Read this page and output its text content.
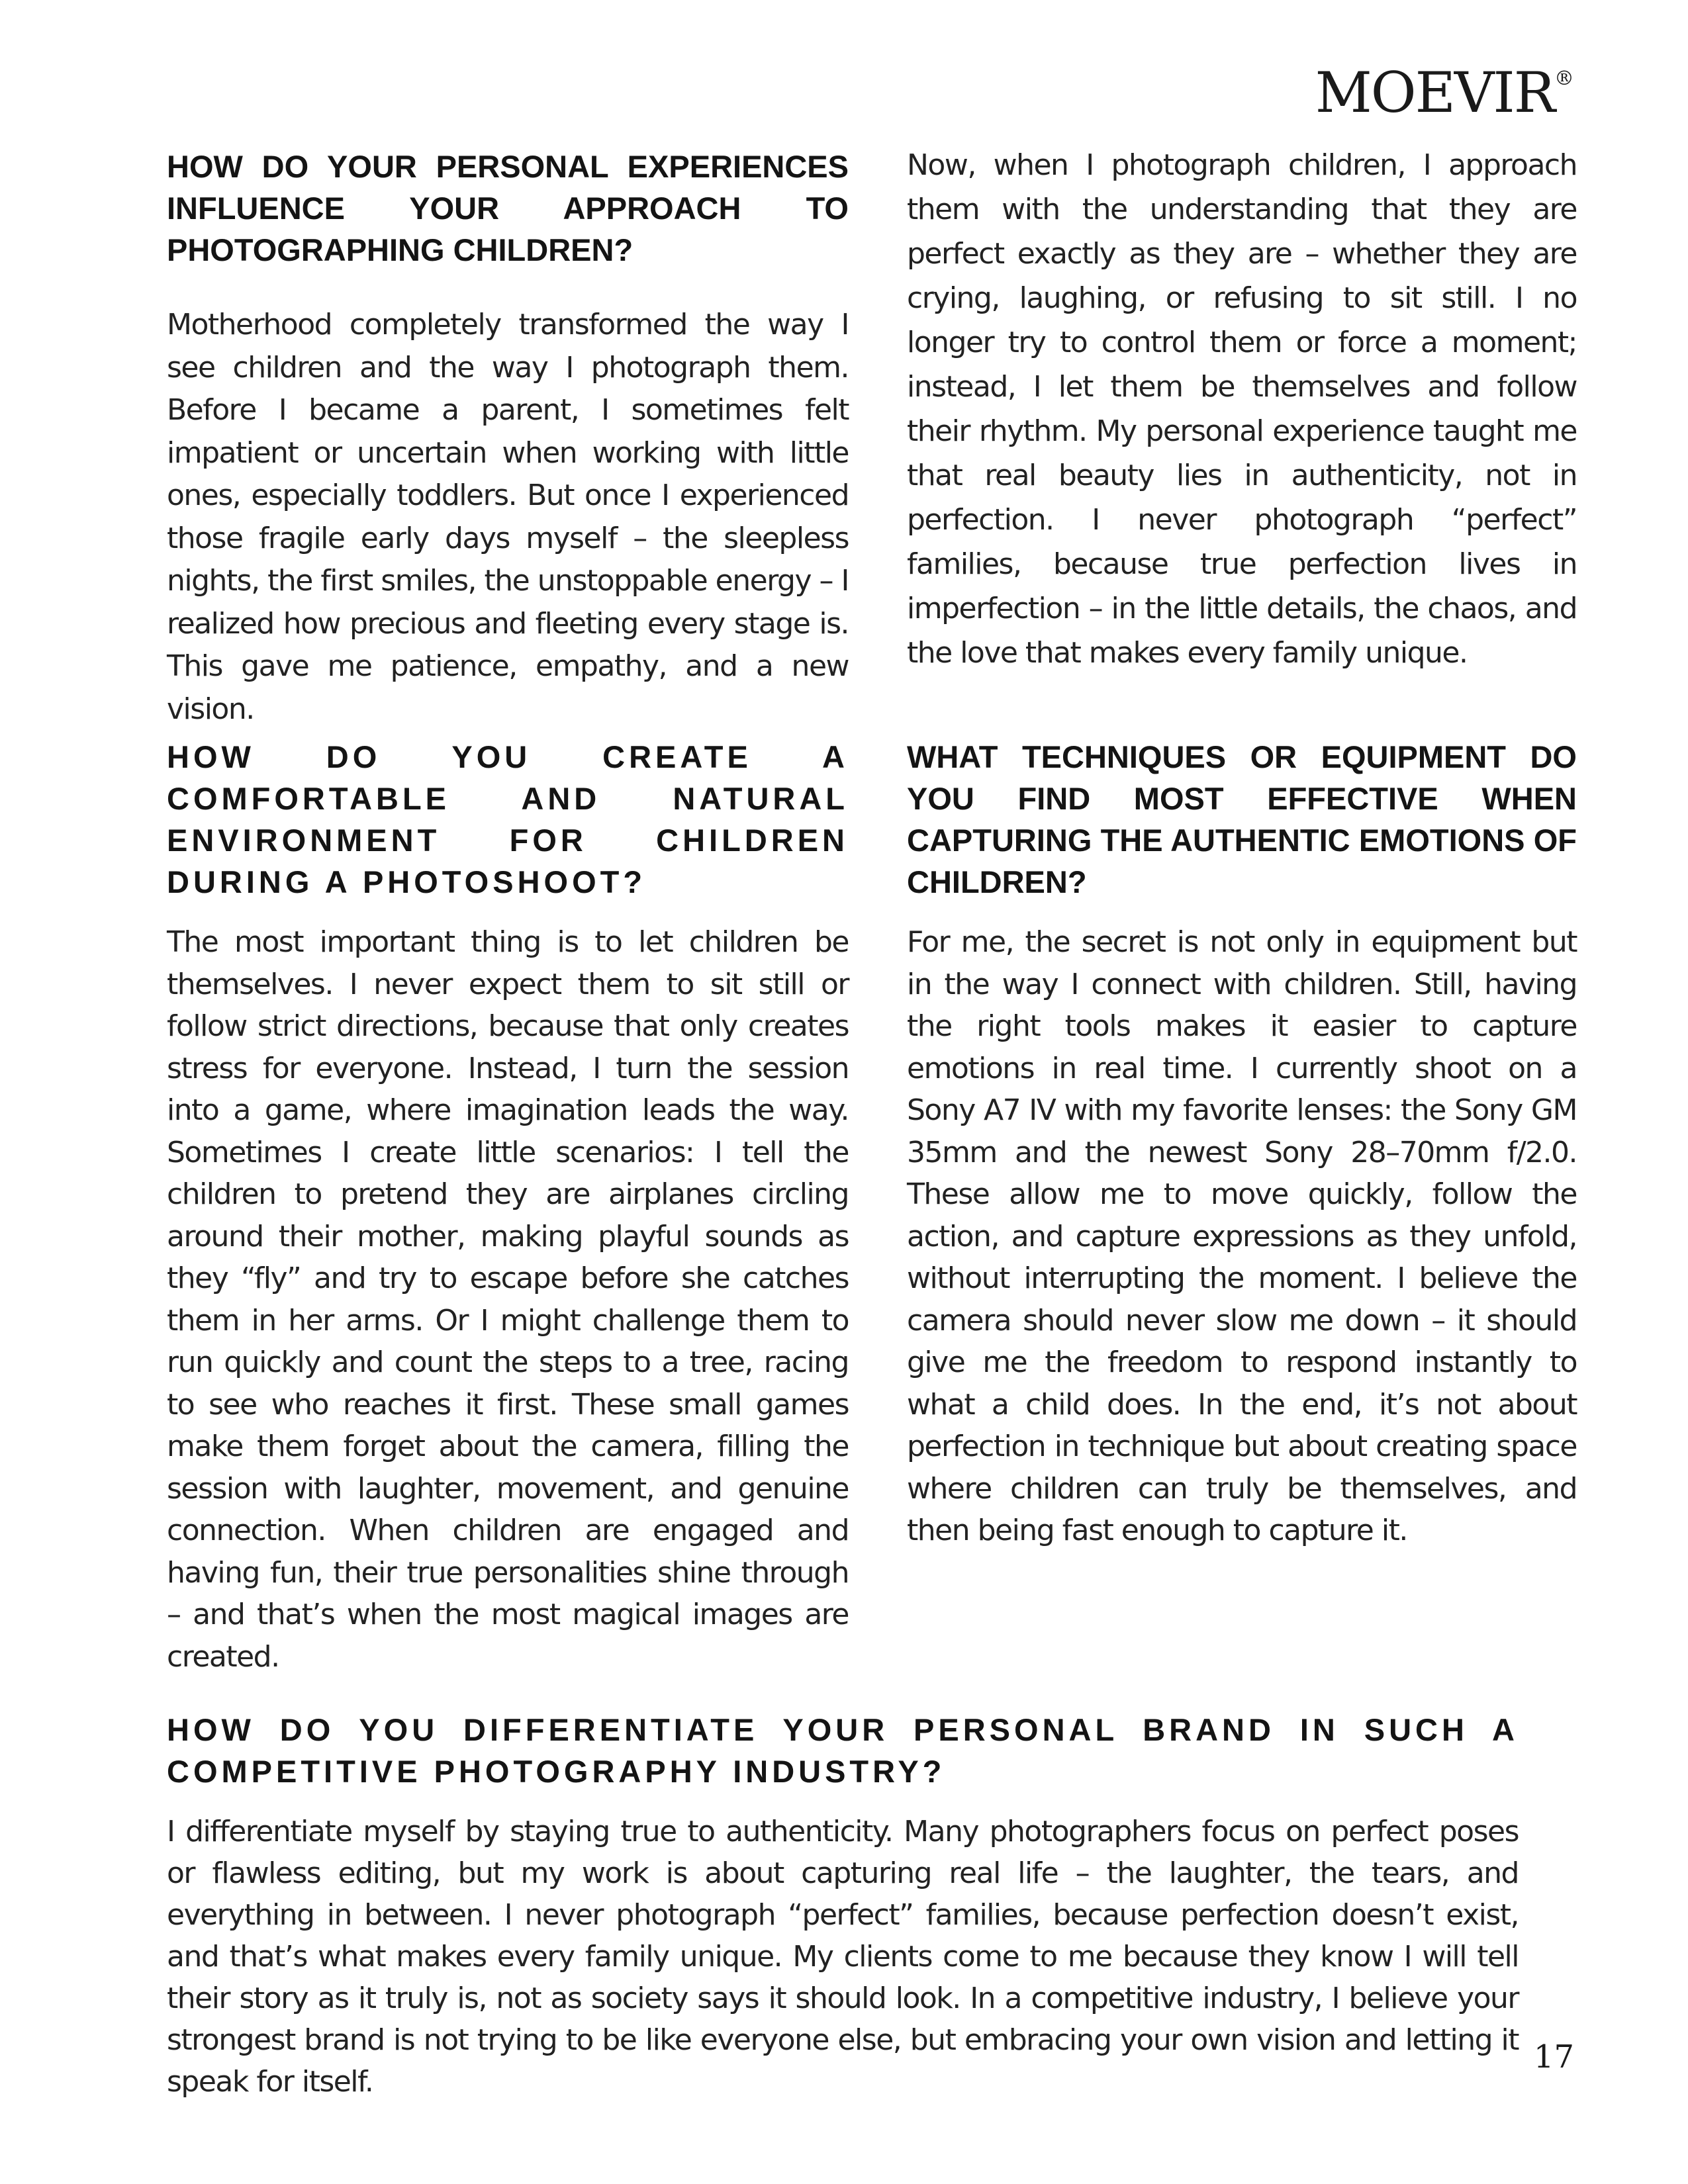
MOEVIR®
HOW DO YOUR PERSONAL EXPERIENCES INFLUENCE YOUR APPROACH TO PHOTOGRAPHING CHILDREN?

Motherhood completely transformed the way I see children and the way I photograph them. Before I became a parent, I sometimes felt impatient or uncertain when working with little ones, especially toddlers. But once I experienced those fragile early days myself – the sleepless nights, the first smiles, the unstoppable energy – I realized how precious and fleeting every stage is. This gave me patience, empathy, and a new vision.

Now, when I photograph children, I approach them with the understanding that they are perfect exactly as they are – whether they are crying, laughing, or refusing to sit still. I no longer try to control them or force a moment; instead, I let them be themselves and follow their rhythm. My personal experience taught me that real beauty lies in authenticity, not in perfection. I never photograph “perfect” families, because true perfection lives in imperfection – in the little details, the chaos, and the love that makes every family unique.

HOW DO YOU CREATE A COMFORTABLE AND NATURAL ENVIRONMENT FOR CHILDREN DURING A PHOTOSHOOT?

The most important thing is to let children be themselves. I never expect them to sit still or follow strict directions, because that only creates stress for everyone. Instead, I turn the session into a game, where imagination leads the way. Sometimes I create little scenarios: I tell the children to pretend they are airplanes circling around their mother, making playful sounds as they “fly” and try to escape before she catches them in her arms. Or I might challenge them to run quickly and count the steps to a tree, racing to see who reaches it first. These small games make them forget about the camera, filling the session with laughter, movement, and genuine connection. When children are engaged and having fun, their true personalities shine through – and that’s when the most magical images are created.

WHAT TECHNIQUES OR EQUIPMENT DO YOU FIND MOST EFFECTIVE WHEN CAPTURING THE AUTHENTIC EMOTIONS OF CHILDREN?

For me, the secret is not only in equipment but in the way I connect with children. Still, having the right tools makes it easier to capture emotions in real time. I currently shoot on a Sony A7 IV with my favorite lenses: the Sony GM 35mm and the newest Sony 28–70mm f/2.0. These allow me to move quickly, follow the action, and capture expressions as they unfold, without interrupting the moment. I believe the camera should never slow me down – it should give me the freedom to respond instantly to what a child does. In the end, it’s not about perfection in technique but about creating space where children can truly be themselves, and then being fast enough to capture it.

HOW DO YOU DIFFERENTIATE YOUR PERSONAL BRAND IN SUCH A COMPETITIVE PHOTOGRAPHY INDUSTRY?

I differentiate myself by staying true to authenticity. Many photographers focus on perfect poses or flawless editing, but my work is about capturing real life – the laughter, the tears, and everything in between. I never photograph “perfect” families, because perfection doesn’t exist, and that’s what makes every family unique. My clients come to me because they know I will tell their story as it truly is, not as society says it should look. In a competitive industry, I believe your strongest brand is not trying to be like everyone else, but embracing your own vision and letting it speak for itself.

17
